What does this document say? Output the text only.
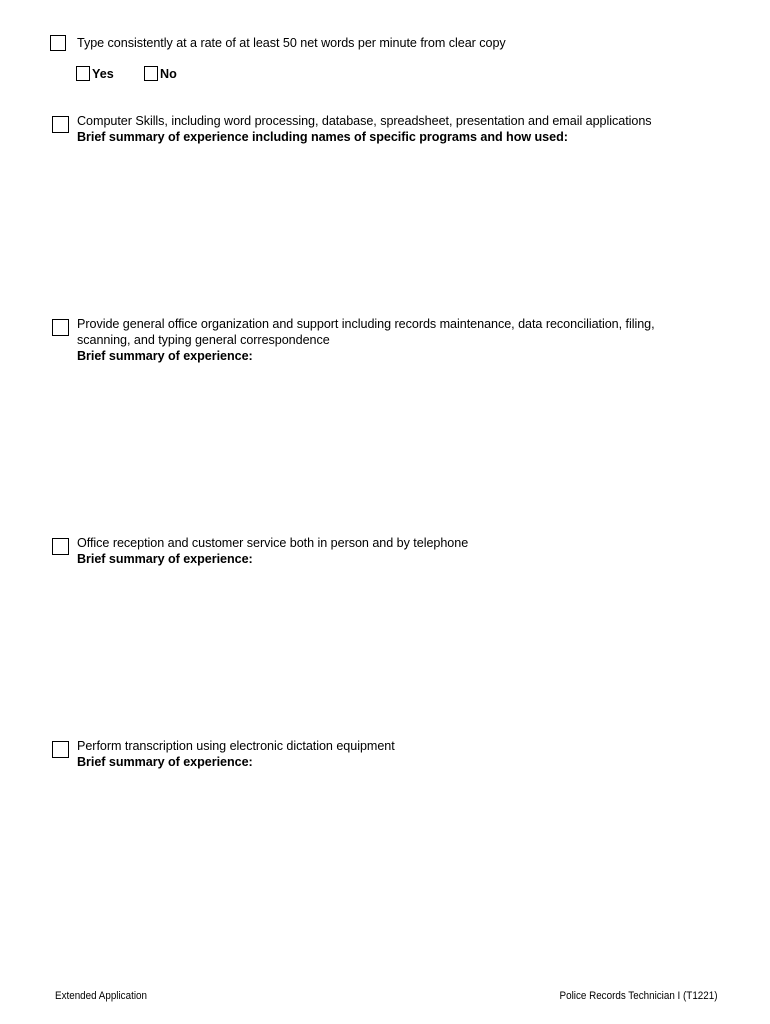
Type consistently at a rate of at least 50 net words per minute from clear copy
Yes	No
Computer Skills, including word processing, database, spreadsheet, presentation and email applications
Brief summary of experience including names of specific programs and how used:
Provide general office organization and support including records maintenance, data reconciliation, filing,
scanning, and typing general correspondence
Brief summary of experience:
Office reception and customer service both in person and by telephone
Brief summary of experience:
Perform transcription using electronic dictation equipment
Brief summary of experience:
Extended Application	Police Records Technician I (T1221)
